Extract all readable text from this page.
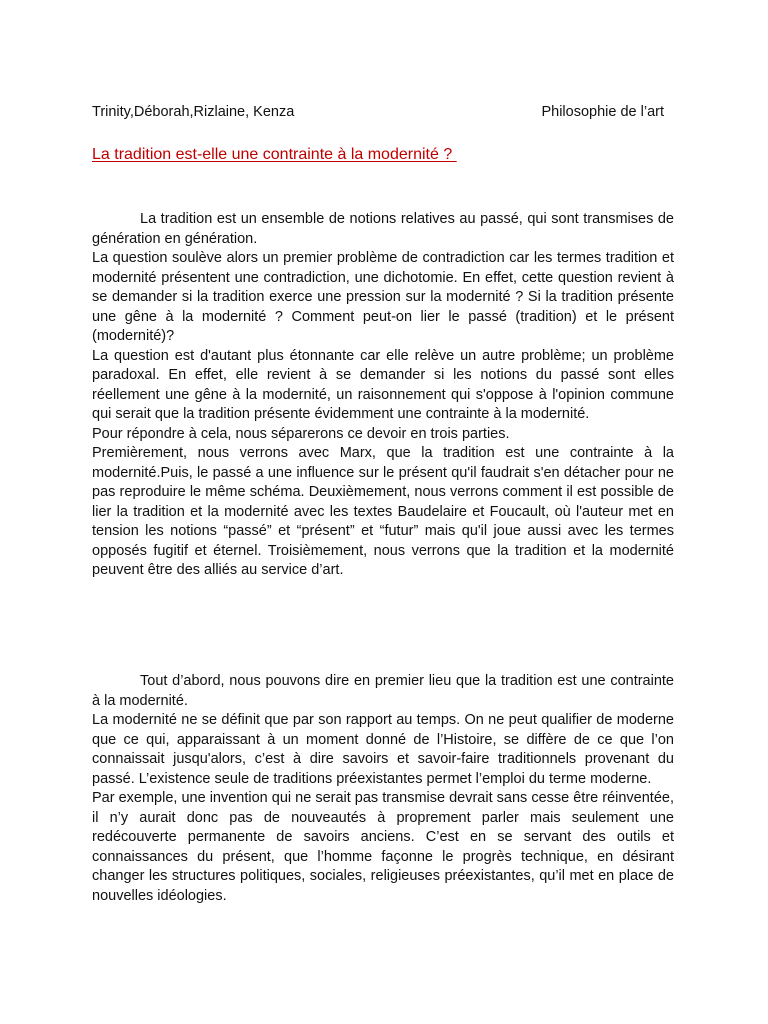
Trinity,Déborah,Rizlaine, Kenza	Philosophie de l’art
La tradition est-elle une contrainte à la modernité ?

La tradition est un ensemble de notions relatives au passé, qui sont transmises de génération en génération.

La question soulève alors un premier problème de contradiction car les termes tradition et modernité présentent une contradiction, une dichotomie. En effet, cette question revient à se demander si la tradition exerce une pression sur la modernité ? Si la tradition présente une gêne à la modernité ? Comment peut-on lier le passé (tradition) et le présent (modernité)?

La question est d'autant plus étonnante car elle relève un autre problème; un problème paradoxal. En effet, elle revient à se demander si les notions du passé sont elles réellement une gêne à la modernité, un raisonnement qui s'oppose à l'opinion commune qui serait que la tradition présente évidemment une contrainte à la modernité.

Pour répondre à cela, nous séparerons ce devoir en trois parties.

Premièrement, nous verrons avec Marx, que la tradition est une contrainte à la modernité.Puis, le passé a une influence sur le présent qu'il faudrait s'en détacher pour ne pas reproduire le même schéma. Deuxièmement, nous verrons comment il est possible de lier la tradition et la modernité avec les textes Baudelaire et Foucault, où l'auteur met en tension les notions “passé” et “présent” et “futur” mais qu'il joue aussi avec les termes opposés fugitif et éternel. Troisièmement, nous verrons que la tradition et la modernité peuvent être des alliés au service d’art.

Tout d’abord, nous pouvons dire en premier lieu que la tradition est une contrainte à la modernité.

La modernité ne se définit que par son rapport au temps. On ne peut qualifier de moderne que ce qui, apparaissant à un moment donné de l’Histoire, se diffère de ce que l’on connaissait jusqu'alors, c’est à dire savoirs et savoir-faire traditionnels provenant du passé. L’existence seule de traditions préexistantes permet l’emploi du terme moderne.

Par exemple, une invention qui ne serait pas transmise devrait sans cesse être réinventée, il n’y aurait donc pas de nouveautés à proprement parler mais seulement une redécouverte permanente de savoirs anciens. C’est en se servant des outils et connaissances du présent, que l’homme façonne le progrès technique, en désirant changer les structures politiques, sociales, religieuses préexistantes, qu’il met en place de nouvelles idéologies.
